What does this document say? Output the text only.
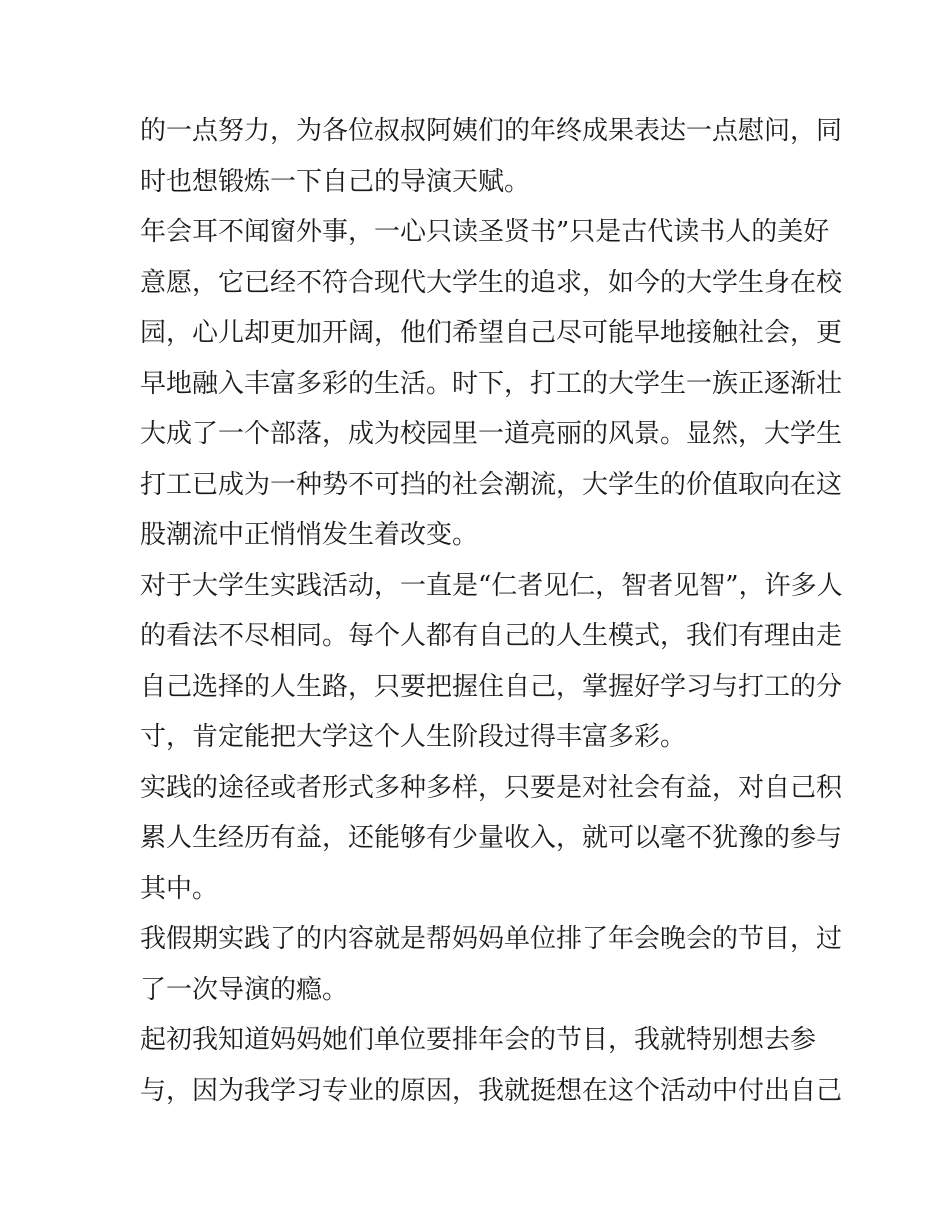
的一点努力，为各位叔叔阿姨们的年终成果表达一点慰问，同
时也想锻炼一下自己的导演天赋。
年会耳不闻窗外事，一心只读圣贤书”只是古代读书人的美好
意愿，它已经不符合现代大学生的追求，如今的大学生身在校
园，心儿却更加开阔，他们希望自己尽可能早地接触社会，更
早地融入丰富多彩的生活。时下，打工的大学生一族正逐渐壮
大成了一个部落，成为校园里一道亮丽的风景。显然，大学生
打工已成为一种势不可挡的社会潮流，大学生的价值取向在这
股潮流中正悄悄发生着改变。
对于大学生实践活动，一直是“仁者见仁，智者见智”，许多人
的看法不尽相同。每个人都有自己的人生模式，我们有理由走
自己选择的人生路，只要把握住自己，掌握好学习与打工的分
寸，肯定能把大学这个人生阶段过得丰富多彩。
实践的途径或者形式多种多样，只要是对社会有益，对自己积
累人生经历有益，还能够有少量收入，就可以毫不犹豫的参与
其中。
我假期实践了的内容就是帮妈妈单位排了年会晚会的节目，过
了一次导演的瘾。
起初我知道妈妈她们单位要排年会的节目，我就特别想去参
与，因为我学习专业的原因，我就挺想在这个活动中付出自己
